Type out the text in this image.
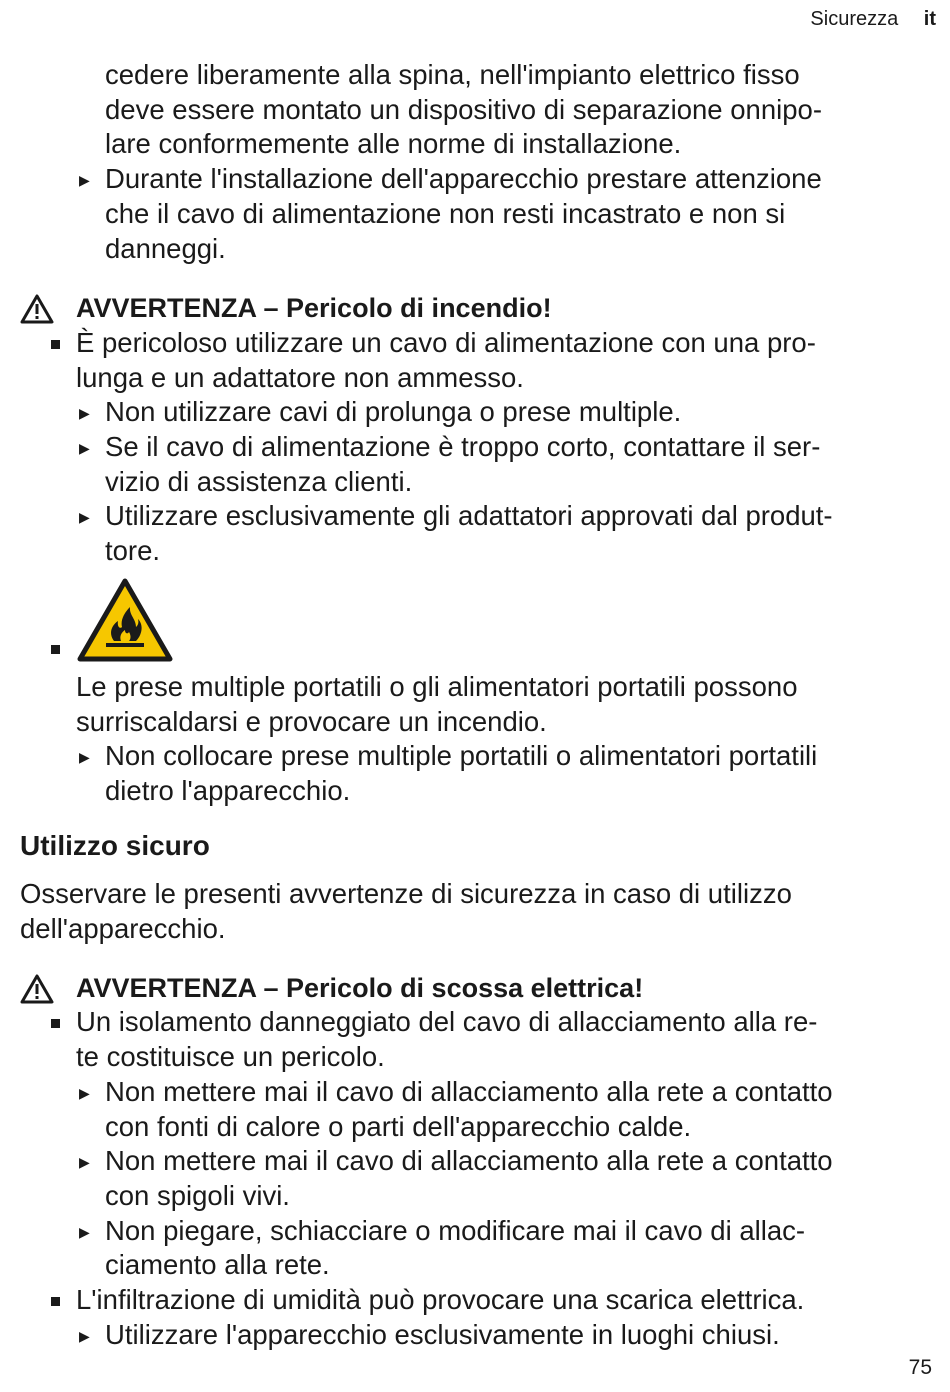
Sicurezza it
cedere liberamente alla spina, nell'impianto elettrico fisso
deve essere montato un dispositivo di separazione onnipo-
lare conformemente alle norme di installazione.
▶ Durante l'installazione dell'apparecchio prestare attenzione
che il cavo di alimentazione non resti incastrato e non si
danneggi.
AVVERTENZA – Pericolo di incendio!
È pericoloso utilizzare un cavo di alimentazione con una pro-
lunga e un adattatore non ammesso.
▶ Non utilizzare cavi di prolunga o prese multiple.
▶ Se il cavo di alimentazione è troppo corto, contattare il ser-
vizio di assistenza clienti.
▶ Utilizzare esclusivamente gli adattatori approvati dal produt-
tore.
Le prese multiple portatili o gli alimentatori portatili possono
surriscaldarsi e provocare un incendio.
▶ Non collocare prese multiple portatili o alimentatori portatili
dietro l'apparecchio.
Utilizzo sicuro
Osservare le presenti avvertenze di sicurezza in caso di utilizzo
dell'apparecchio.
AVVERTENZA – Pericolo di scossa elettrica!
Un isolamento danneggiato del cavo di allacciamento alla re-
te costituisce un pericolo.
▶ Non mettere mai il cavo di allacciamento alla rete a contatto
con fonti di calore o parti dell'apparecchio calde.
▶ Non mettere mai il cavo di allacciamento alla rete a contatto
con spigoli vivi.
▶ Non piegare, schiacciare o modificare mai il cavo di allac-
ciamento alla rete.
L'infiltrazione di umidità può provocare una scarica elettrica.
▶ Utilizzare l'apparecchio esclusivamente in luoghi chiusi.
75
